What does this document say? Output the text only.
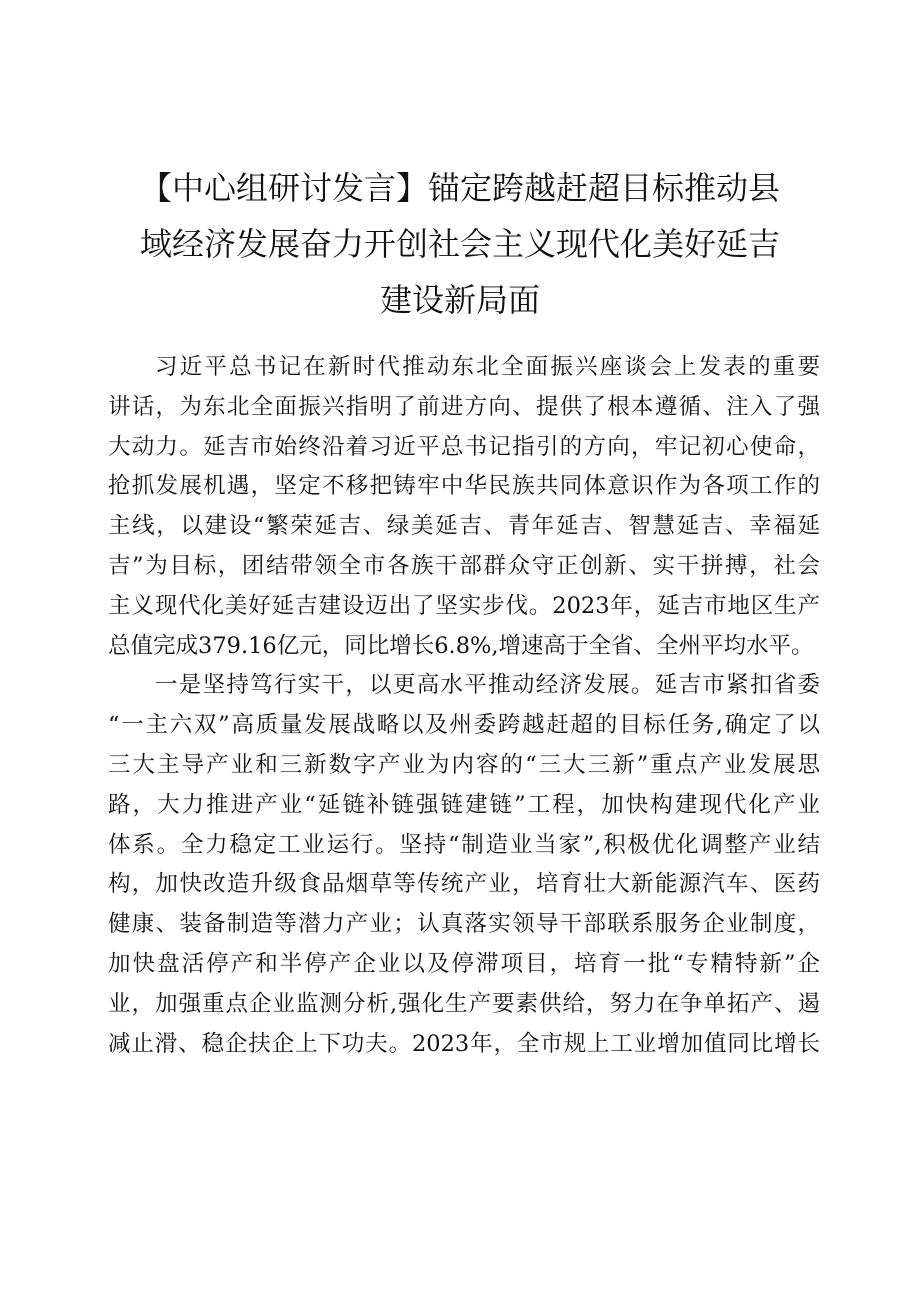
【中心组研讨发言】锚定跨越赶超目标推动县
域经济发展奋力开创社会主义现代化美好延吉
建设新局面
习近平总书记在新时代推动东北全面振兴座谈会上发表的重要
讲话，为东北全面振兴指明了前进方向、提供了根本遵循、注入了强
大动力。延吉市始终沿着习近平总书记指引的方向，牢记初心使命，
抢抓发展机遇，坚定不移把铸牢中华民族共同体意识作为各项工作的
主线，以建设“繁荣延吉、绿美延吉、青年延吉、智慧延吉、幸福延
吉”为目标，团结带领全市各族干部群众守正创新、实干拼搏，社会
主义现代化美好延吉建设迈出了坚实步伐。2023年，延吉市地区生产
总值完成379.16亿元，同比增长6.8%,增速高于全省、全州平均水平。
一是坚持笃行实干，以更高水平推动经济发展。延吉市紧扣省委
“一主六双”高质量发展战略以及州委跨越赶超的目标任务,确定了以
三大主导产业和三新数字产业为内容的“三大三新”重点产业发展思
路，大力推进产业“延链补链强链建链”工程，加快构建现代化产业
体系。全力稳定工业运行。坚持“制造业当家”,积极优化调整产业结
构，加快改造升级食品烟草等传统产业，培育壮大新能源汽车、医药
健康、装备制造等潜力产业；认真落实领导干部联系服务企业制度，
加快盘活停产和半停产企业以及停滞项目，培育一批“专精特新”企
业，加强重点企业监测分析,强化生产要素供给，努力在争单拓产、遏
减止滑、稳企扶企上下功夫。2023年，全市规上工业增加值同比增长
